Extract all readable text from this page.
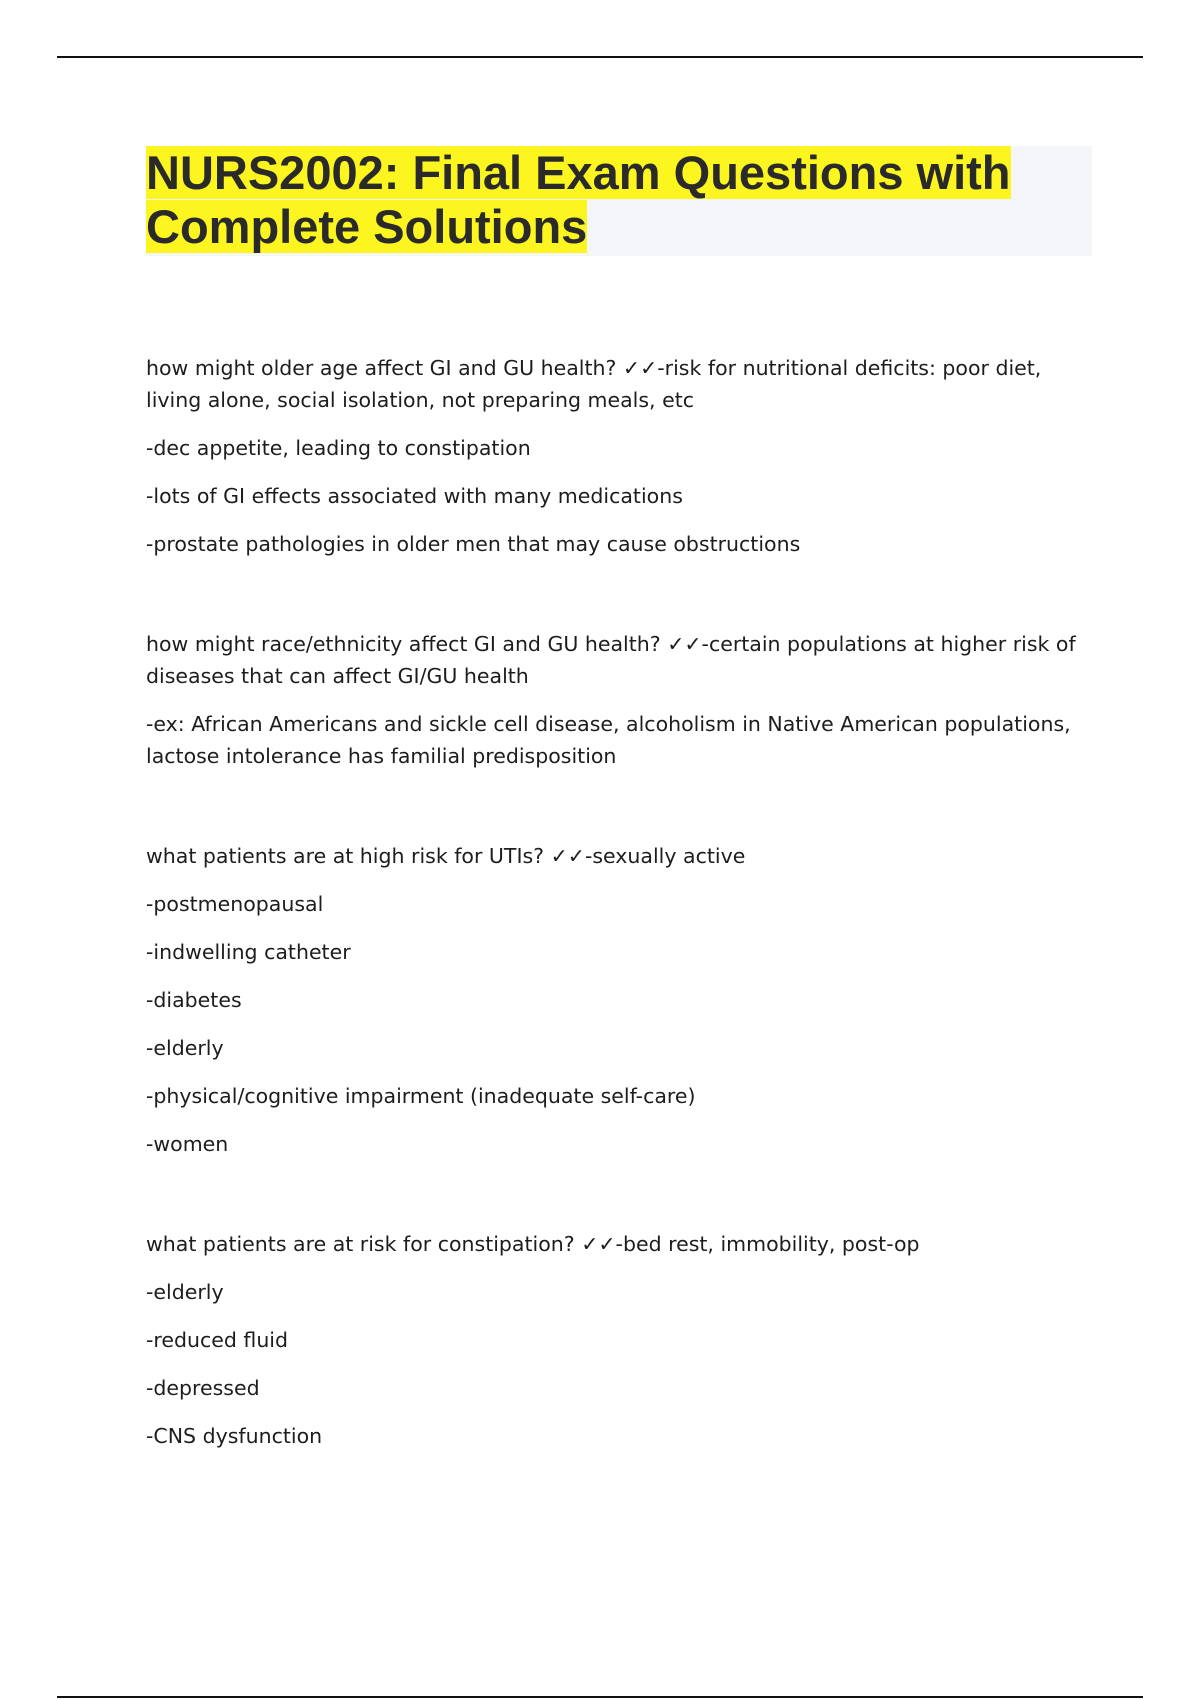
NURS2002: Final Exam Questions with
Complete Solutions

how might older age affect GI and GU health? ✓✓-risk for nutritional deficits: poor diet, living alone, social isolation, not preparing meals, etc

-dec appetite, leading to constipation

-lots of GI effects associated with many medications

-prostate pathologies in older men that may cause obstructions

how might race/ethnicity affect GI and GU health? ✓✓-certain populations at higher risk of diseases that can affect GI/GU health

-ex: African Americans and sickle cell disease, alcoholism in Native American populations, lactose intolerance has familial predisposition

what patients are at high risk for UTIs? ✓✓-sexually active

-postmenopausal

-indwelling catheter

-diabetes

-elderly

-physical/cognitive impairment (inadequate self-care)

-women

what patients are at risk for constipation? ✓✓-bed rest, immobility, post-op

-elderly

-reduced fluid

-depressed

-CNS dysfunction
